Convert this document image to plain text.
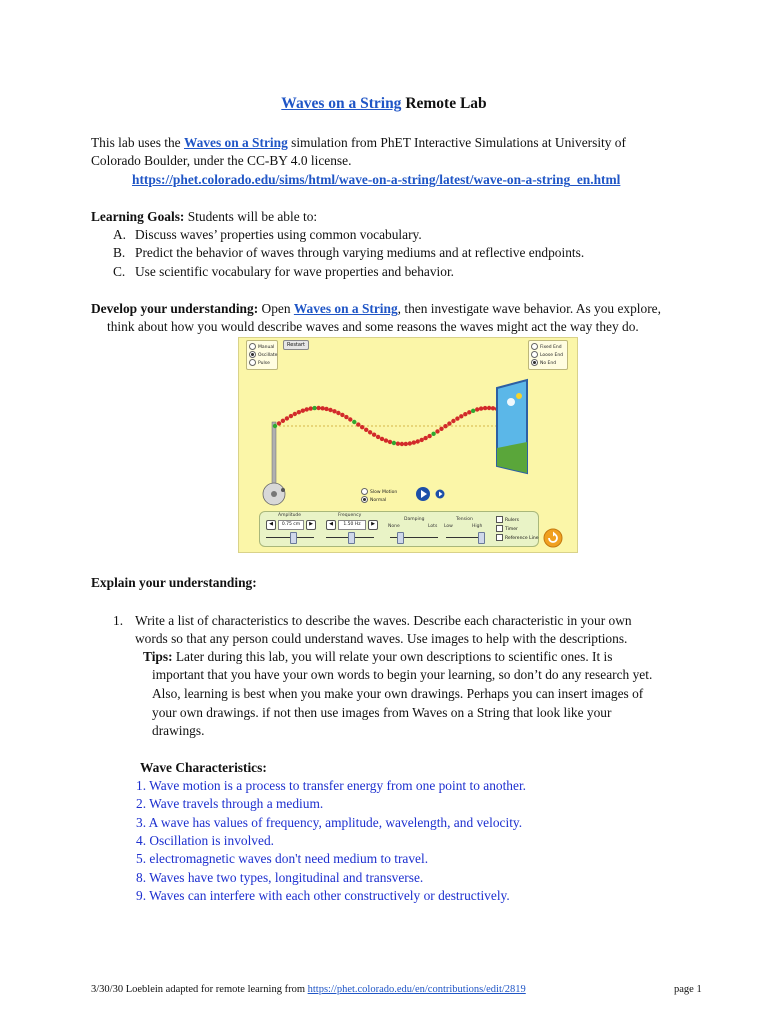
Waves on a String Remote Lab
This lab uses the Waves on a String simulation from PhET Interactive Simulations at University of
Colorado Boulder, under the CC-BY 4.0 license.
https://phet.colorado.edu/sims/html/wave-on-a-string/latest/wave-on-a-string_en.html
Learning Goals: Students will be able to:
A. Discuss waves’ properties using common vocabulary.
B. Predict the behavior of waves through varying mediums and at reflective endpoints.
C. Use scientific vocabulary for wave properties and behavior.
Develop your understanding: Open Waves on a String, then investigate wave behavior. As you explore,
think about how you would describe waves and some reasons the waves might act the way they do.
Manual
Oscillate
Pulse
Restart	Fixed End
Loose End
No End
Slow Motion
Normal
Amplitude
◀	0.75 cm	▶
Frequency
◀	1.50 Hz	▶
Damping
None	Lots
Tension
Low	High
Rulers
Timer
Reference Line
Explain your understanding:
1. Write a list of characteristics to describe the waves. Describe each characteristic in your own
words so that any person could understand waves. Use images to help with the descriptions.
Tips: Later during this lab, you will relate your own descriptions to scientific ones. It is
important that you have your own words to begin your learning, so don’t do any research yet.
Also, learning is best when you make your own drawings. Perhaps you can insert images of
your own drawings. if not then use images from Waves on a String that look like your
drawings.
Wave Characteristics:
1. Wave motion is a process to transfer energy from one point to another.
2. Wave travels through a medium.
3. A wave has values of frequency, amplitude, wavelength, and velocity.
4. Oscillation is involved.
5. electromagnetic waves don't need medium to travel.
8. Waves have two types, longitudinal and transverse.
9. Waves can interfere with each other constructively or destructively.
3/30/30 Loeblein adapted for remote learning from https://phet.colorado.edu/en/contributions/edit/2819	page 1
